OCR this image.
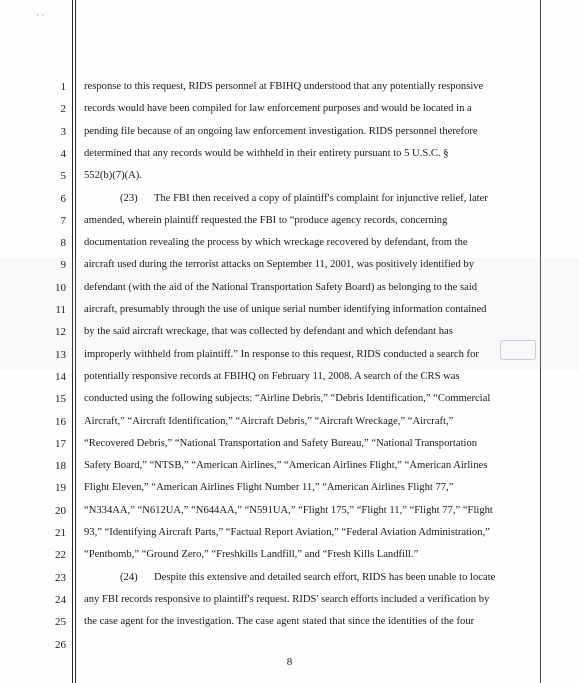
· ·
1 response to this request, RIDS personnel at FBIHQ understood that any potentially responsive
2 records would have been compiled for law enforcement purposes and would be located in a
3 pending file because of an ongoing law enforcement investigation. RIDS personnel therefore
4 determined that any records would be withheld in their entirety pursuant to 5 U.S.C. §
5 552(b)(7)(A).
6	(23) The FBI then received a copy of plaintiff's complaint for injunctive relief, later
7 amended, wherein plaintiff requested the FBI to “produce agency records, concerning
8 documentation revealing the process by which wreckage recovered by defendant, from the
9 aircraft used during the terrorist attacks on September 11, 2001, was positively identified by
10 defendant (with the aid of the National Transportation Safety Board) as belonging to the said
11 aircraft, presumably through the use of unique serial number identifying information contained
12 by the said aircraft wreckage, that was collected by defendant and which defendant has
13 improperly withheld from plaintiff.” In response to this request, RIDS conducted a search for
14 potentially responsive records at FBIHQ on February 11, 2008. A search of the CRS was
15 conducted using the following subjects: “Airline Debris,” “Debris Identification,” “Commercial
16 Aircraft,” “Aircraft Identification,” “Aircraft Debris,” “Aircraft Wreckage,” “Aircraft,”
17 “Recovered Debris,” “National Transportation and Safety Bureau,” “National Transportation
18 Safety Board,” “NTSB,” “American Airlines,” “American Airlines Flight,” “American Airlines
19 Flight Eleven,” “American Airlines Flight Number 11,” “American Airlines Flight 77,”
20 “N334AA,” “N612UA,” “N644AA,” “N591UA,” “Flight 175,” “Flight 11,” “Flight 77,” “Flight
21 93,” “Identifying Aircraft Parts,” “Factual Report Aviation,” “Federal Aviation Administration,”
22 “Pentbomb,” “Ground Zero,” “Freshkills Landfill,” and “Fresh Kills Landfill.”
23	(24) Despite this extensive and detailed search effort, RIDS has been unable to locate
24 any FBI records responsive to plaintiff's request. RIDS' search efforts included a verification by
25 the case agent for the investigation. The case agent stated that since the identities of the four
26
8
